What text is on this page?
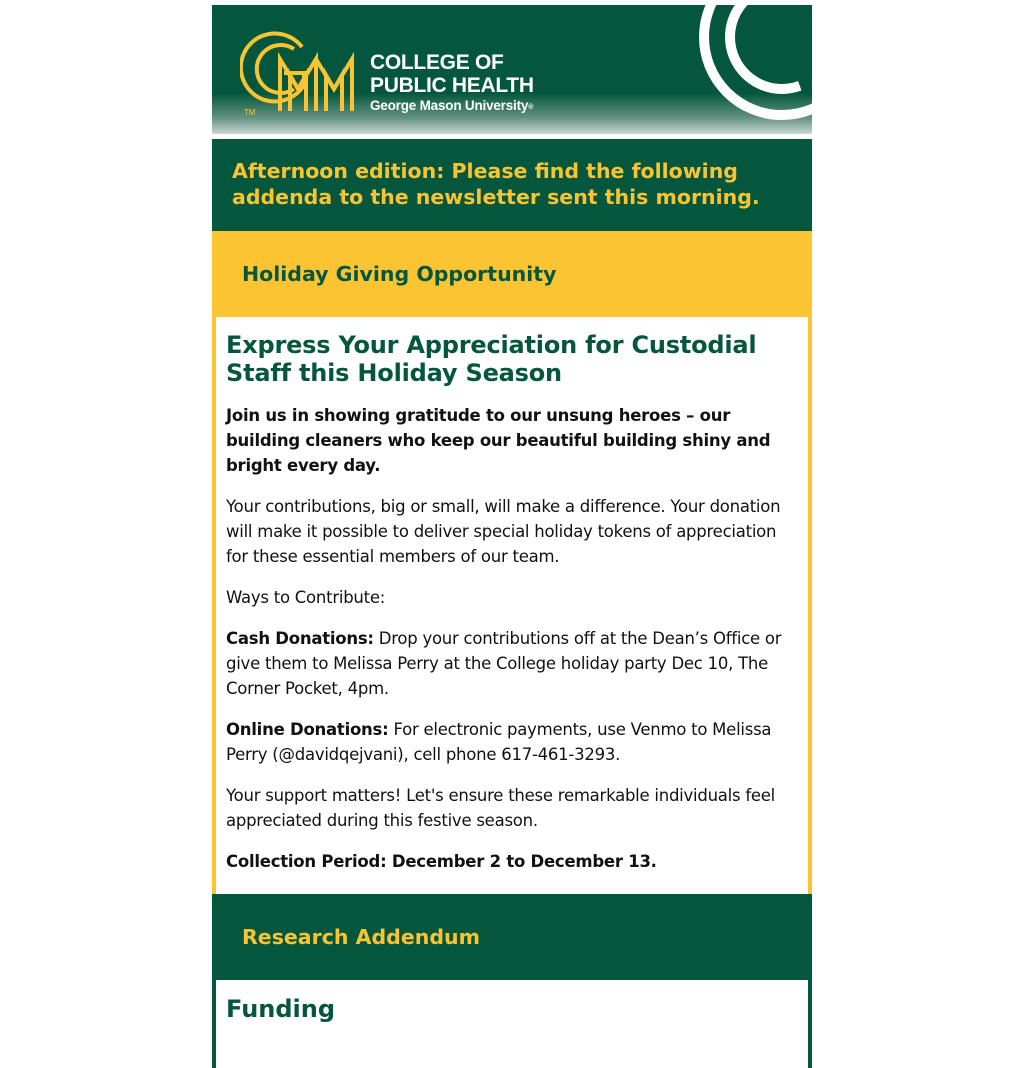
TM
COLLEGE OF
PUBLIC HEALTH
George Mason University®

Afternoon edition: Please find the following addenda to the newsletter sent this morning.

Holiday Giving Opportunity
Express Your Appreciation for Custodial Staff this Holiday Season

Join us in showing gratitude to our unsung heroes – our building cleaners who keep our beautiful building shiny and bright every day.

Your contributions, big or small, will make a difference. Your donation will make it possible to deliver special holiday tokens of appreciation for these essential members of our team.

Ways to Contribute:

Cash Donations: Drop your contributions off at the Dean’s Office or give them to Melissa Perry at the College holiday party Dec 10, The Corner Pocket, 4pm.

Online Donations: For electronic payments, use Venmo to Melissa Perry (@davidqejvani), cell phone 617-461-3293.

Your support matters! Let's ensure these remarkable individuals feel appreciated during this festive season.

Collection Period: December 2 to December 13.

Research Addendum
Funding
